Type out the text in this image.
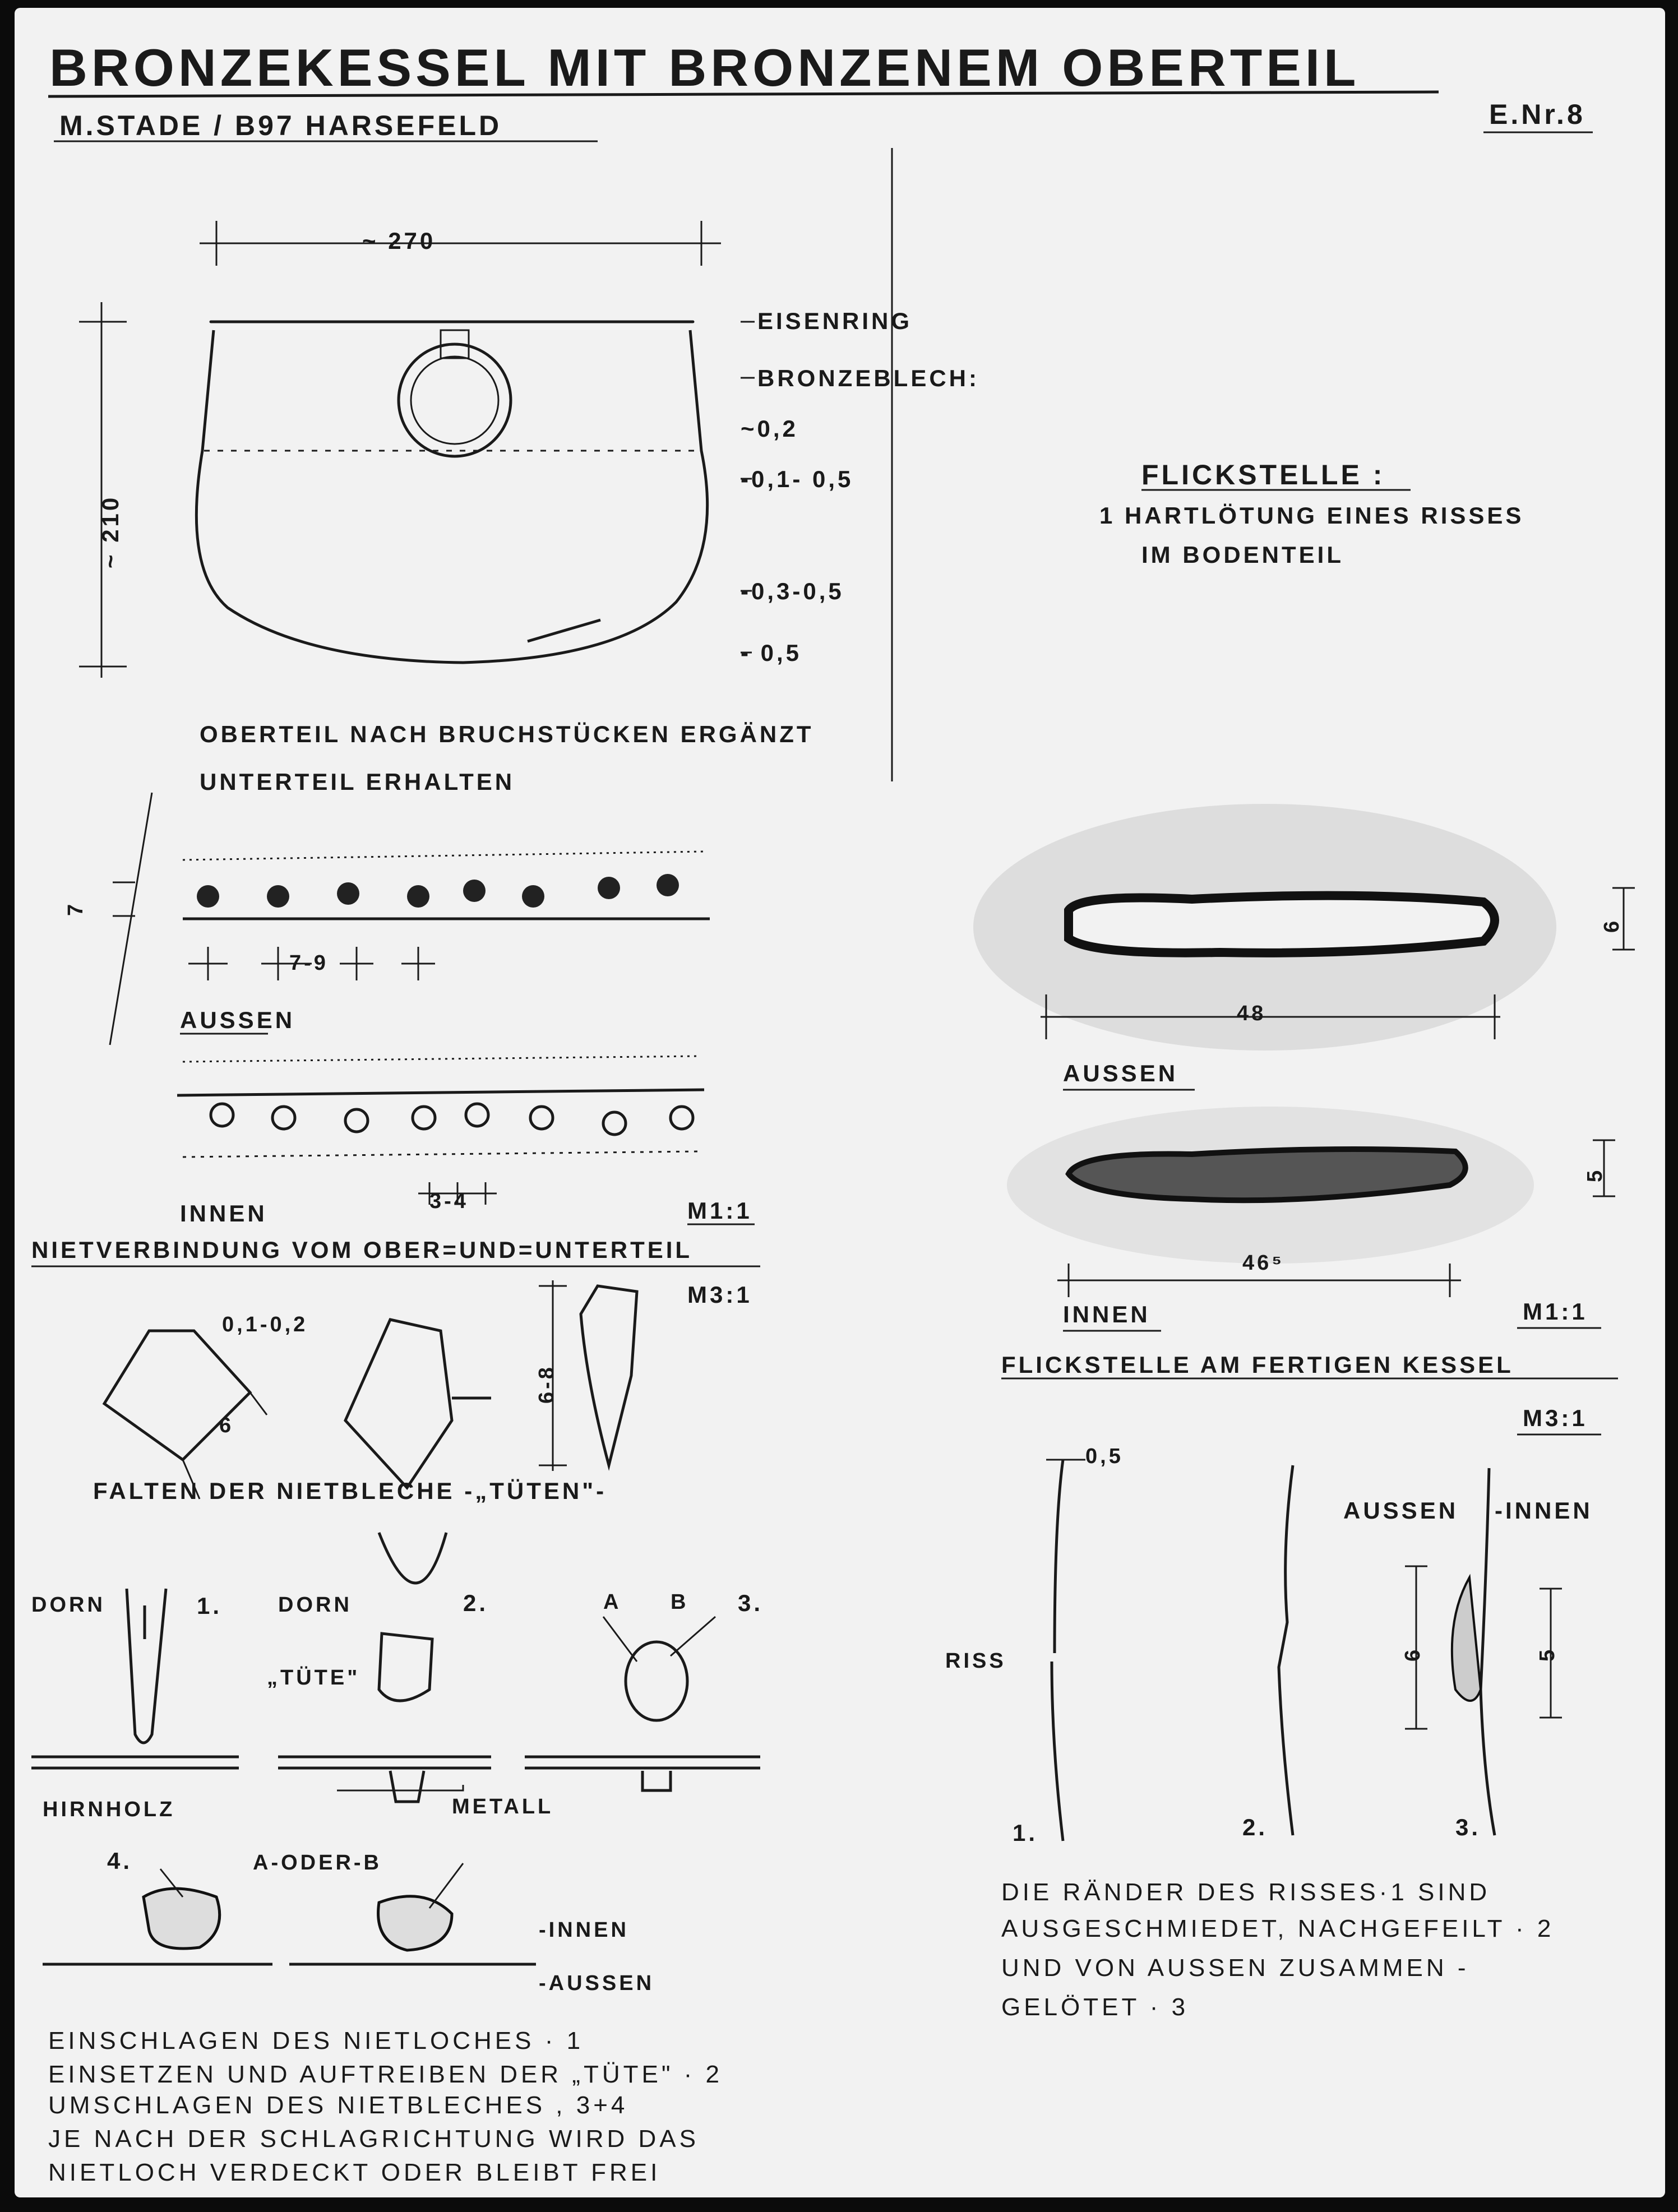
BRONZEKESSEL MIT BRONZENEM OBERTEIL
M.STADE / B97 HARSEFELD	E.Nr.8
~ 270
~ 210
EISENRING
BRONZEBLECH:
~0,2
-0,1- 0,5
-0,3-0,5
- 0,5
FLICKSTELLE :
1 HARTLÖTUNG EINES RISSES
IM BODENTEIL
OBERTEIL NACH BRUCHSTÜCKEN ERGÄNZT
UNTERTEIL ERHALTEN
7
7-9
AUSSEN
INNEN	3-4	M1:1
NIETVERBINDUNG VOM OBER=UND=UNTERTEIL
48
6
AUSSEN
46⁵
5
INNEN	M1:1
FLICKSTELLE AM FERTIGEN KESSEL
M3:1
M3:1
0,1-0,2
6
6-8
FALTEN DER NIETBLECHE -„TÜTEN"-
DORN	1.	DORN	2.
„TÜTE"
A B 3.
HIRNHOLZ	METALL
4.	A-ODER-B
-INNEN
-AUSSEN
0,5
RISS
AUSSEN -INNEN
6	5
1.	2.	3.
DIE RÄNDER DES RISSES·1 SIND
AUSGESCHMIEDET, NACHGEFEILT · 2
UND VON AUSSEN ZUSAMMEN -
GELÖTET · 3
EINSCHLAGEN DES NIETLOCHES · 1
EINSETZEN UND AUFTREIBEN DER „TÜTE" · 2
UMSCHLAGEN DES NIETBLECHES , 3+4
JE NACH DER SCHLAGRICHTUNG WIRD DAS
NIETLOCH VERDECKT ODER BLEIBT FREI
